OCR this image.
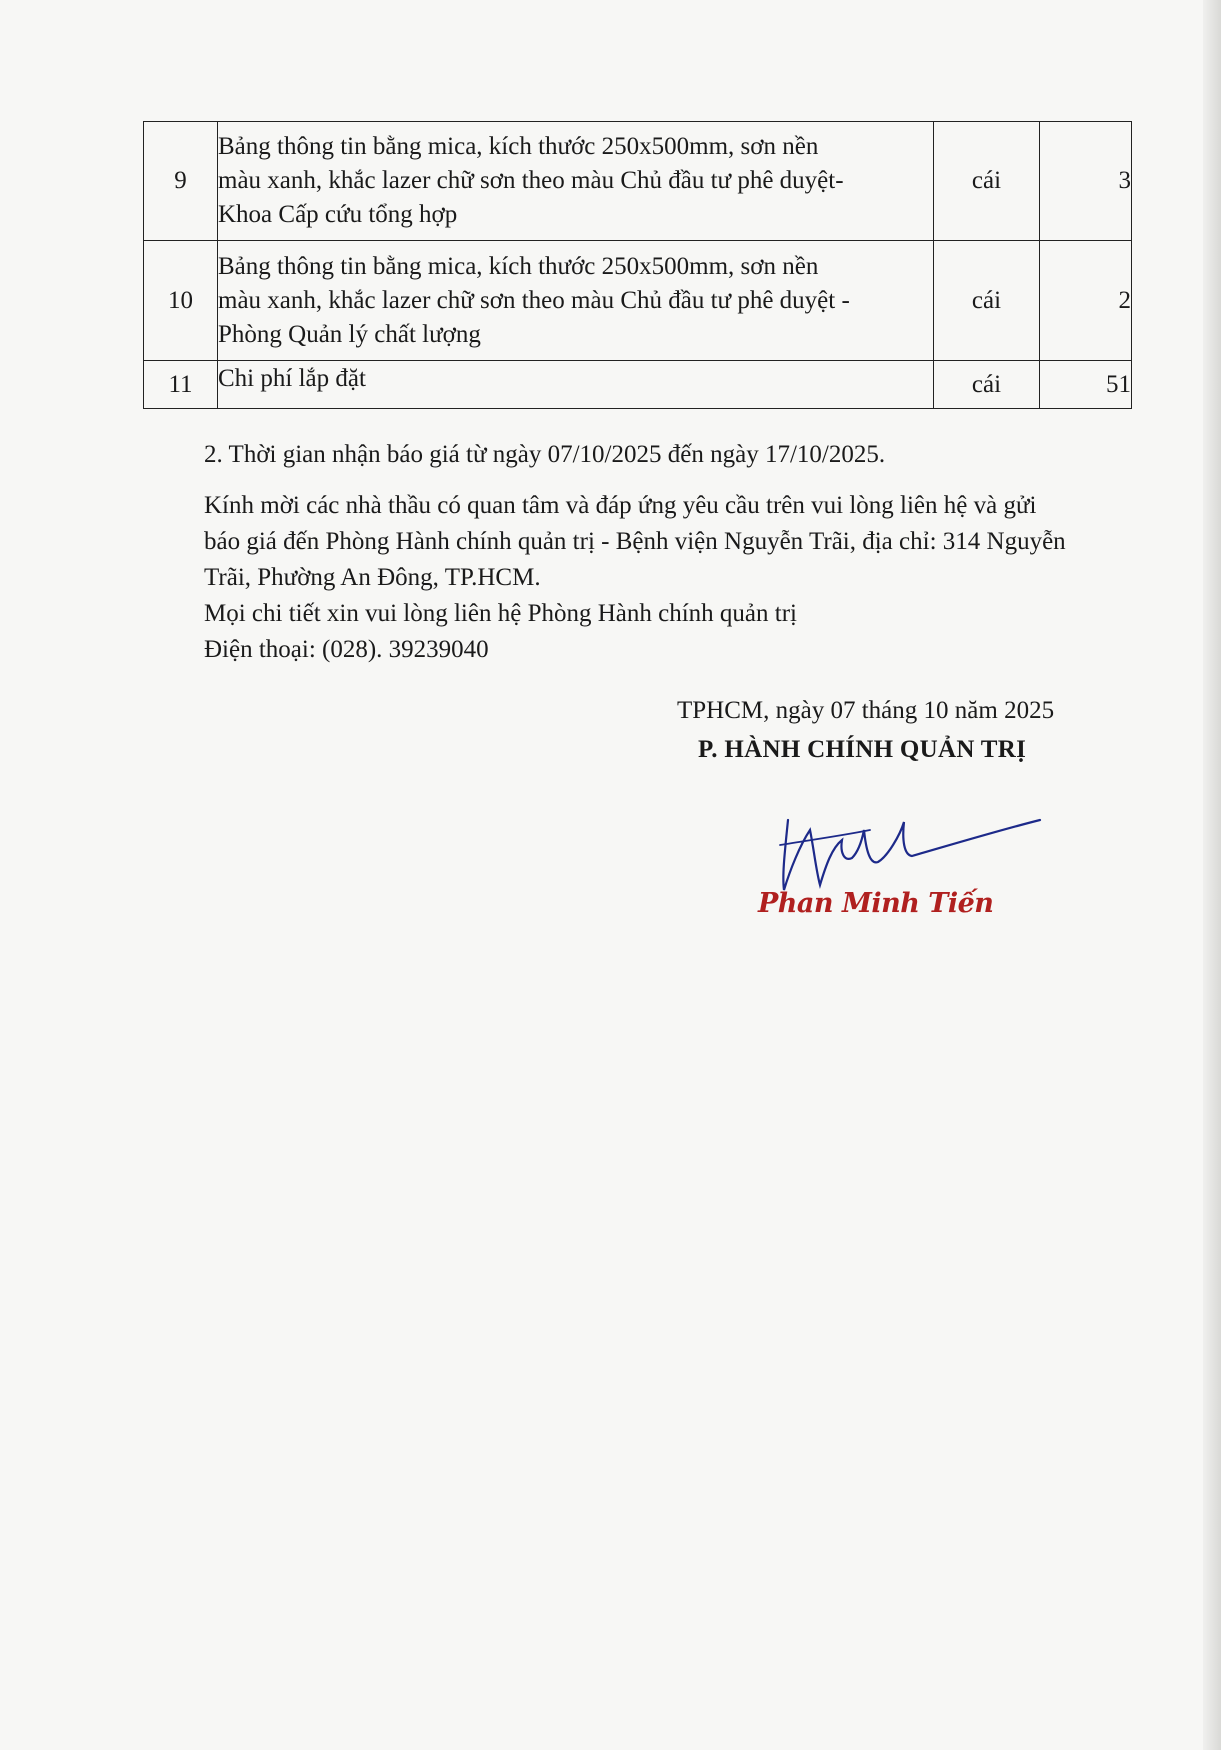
9	Bảng thông tin bằng mica, kích thước 250x500mm, sơn nền
màu xanh, khắc lazer chữ sơn theo màu Chủ đầu tư phê duyệt-
Khoa Cấp cứu tổng hợp	cái	3
10	Bảng thông tin bằng mica, kích thước 250x500mm, sơn nền
màu xanh, khắc lazer chữ sơn theo màu Chủ đầu tư phê duyệt -
Phòng Quản lý chất lượng	cái	2
11	Chi phí lắp đặt	cái	51
2. Thời gian nhận báo giá từ ngày 07/10/2025 đến ngày 17/10/2025.
Kính mời các nhà thầu có quan tâm và đáp ứng yêu cầu trên vui lòng liên hệ và gửi
báo giá đến Phòng Hành chính quản trị - Bệnh viện Nguyễn Trãi, địa chỉ: 314 Nguyễn
Trãi, Phường An Đông, TP.HCM.
Mọi chi tiết xin vui lòng liên hệ Phòng Hành chính quản trị
Điện thoại: (028). 39239040
TPHCM, ngày 07 tháng 10 năm 2025
P. HÀNH CHÍNH QUẢN TRỊ
Phan Minh Tiến
